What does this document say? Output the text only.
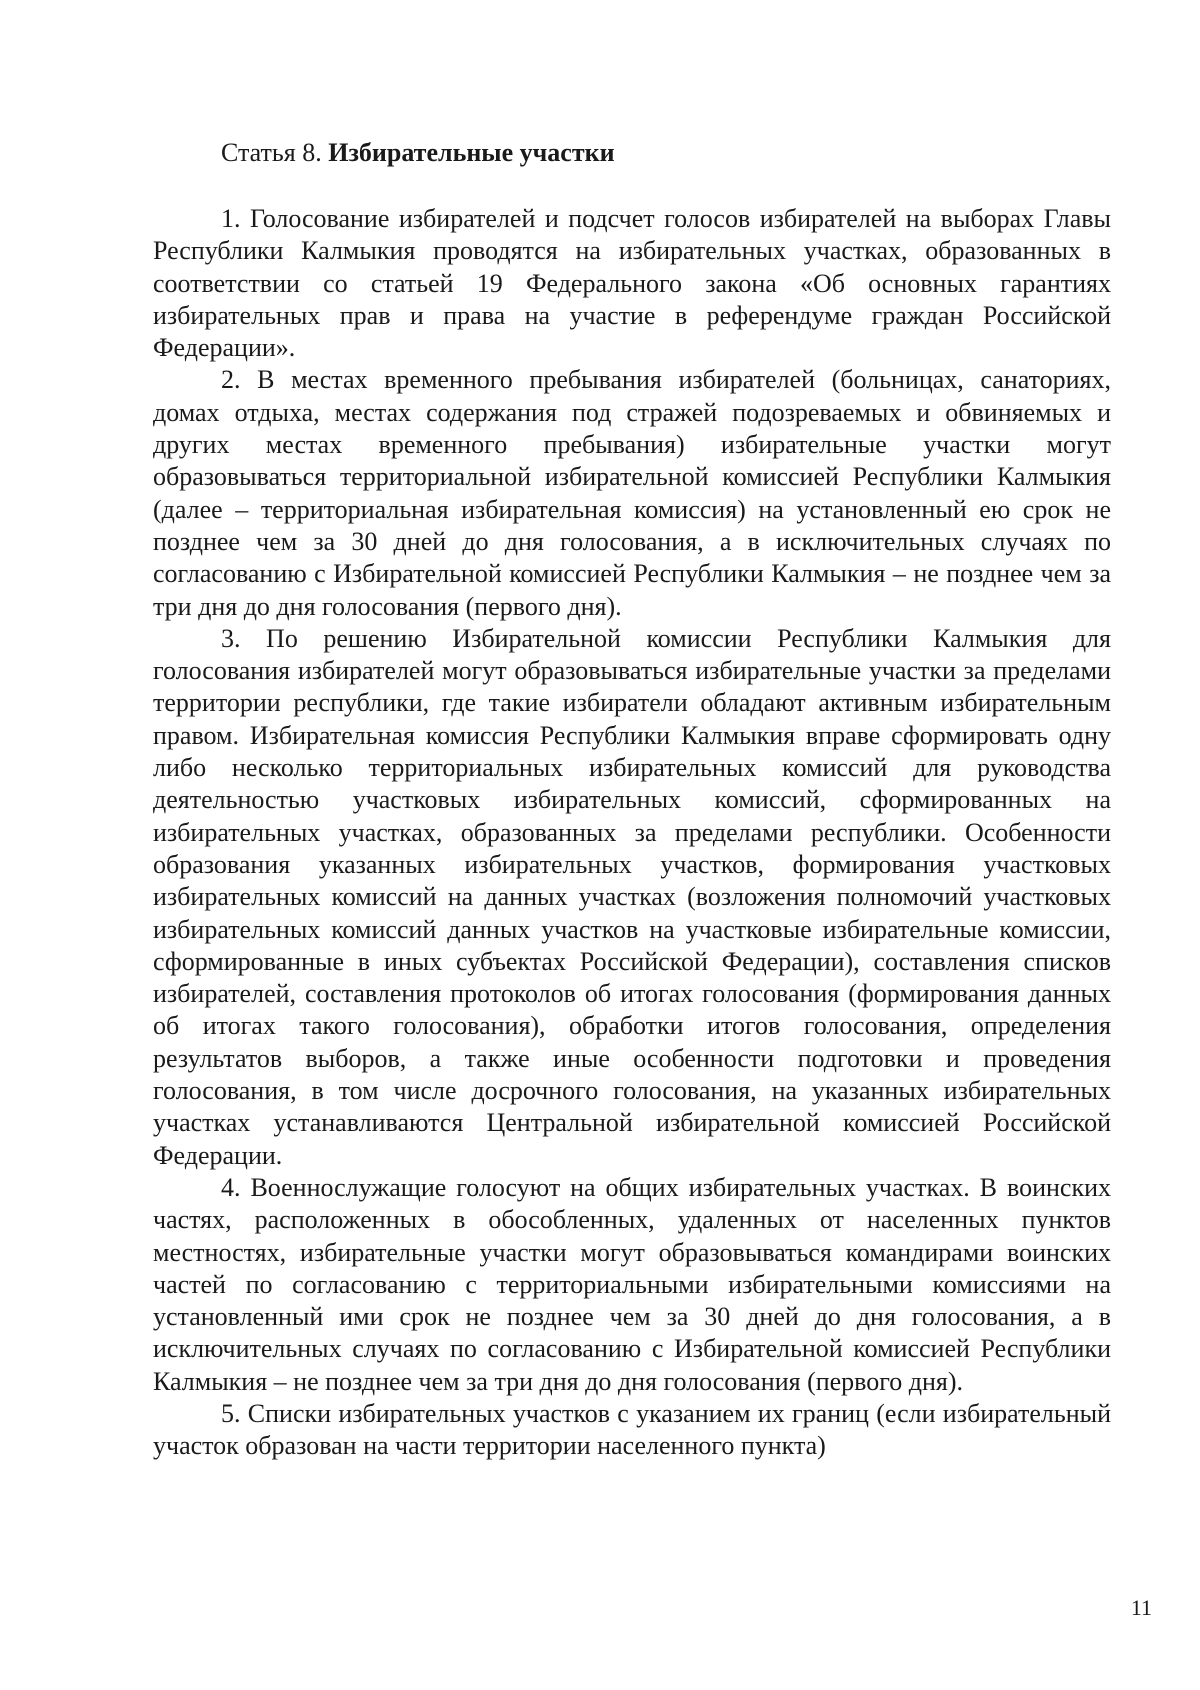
Статья 8. Избирательные участки

1. Голосование избирателей и подсчет голосов избирателей на выборах Главы Республики Калмыкия проводятся на избирательных участках, образованных в соответствии со статьей 19 Федерального закона «Об основных гарантиях избирательных прав и права на участие в референдуме граждан Российской Федерации».

2. В местах временного пребывания избирателей (больницах, санаториях, домах отдыха, местах содержания под стражей подозреваемых и обвиняемых и других местах временного пребывания) избирательные участки могут образовываться территориальной избирательной комиссией Республики Калмыкия (далее – территориальная избирательная комиссия) на установленный ею срок не позднее чем за 30 дней до дня голосования, а в исключительных случаях по согласованию с Избирательной комиссией Республики Калмыкия – не позднее чем за три дня до дня голосования (первого дня).

3. По решению Избирательной комиссии Республики Калмыкия для голосования избирателей могут образовываться избирательные участки за пределами территории республики, где такие избиратели обладают активным избирательным правом. Избирательная комиссия Республики Калмыкия вправе сформировать одну либо несколько территориальных избирательных комиссий для руководства деятельностью участковых избирательных комиссий, сформированных на избирательных участках, образованных за пределами республики. Особенности образования указанных избирательных участков, формирования участковых избирательных комиссий на данных участках (возложения полномочий участковых избирательных комиссий данных участков на участковые избирательные комиссии, сформированные в иных субъектах Российской Федерации), составления списков избирателей, составления протоколов об итогах голосования (формирования данных об итогах такого голосования), обработки итогов голосования, определения результатов выборов, а также иные особенности подготовки и проведения голосования, в том числе досрочного голосования, на указанных избирательных участках устанавливаются Центральной избирательной комиссией Российской Федерации.

4. Военнослужащие голосуют на общих избирательных участках. В воинских частях, расположенных в обособленных, удаленных от населенных пунктов местностях, избирательные участки могут образовываться командирами воинских частей по согласованию с территориальными избирательными комиссиями на установленный ими срок не позднее чем за 30 дней до дня голосования, а в исключительных случаях по согласованию с Избирательной комиссией Республики Калмыкия – не позднее чем за три дня до дня голосования (первого дня).

5. Списки избирательных участков с указанием их границ (если избирательный участок образован на части территории населенного пункта)

11
